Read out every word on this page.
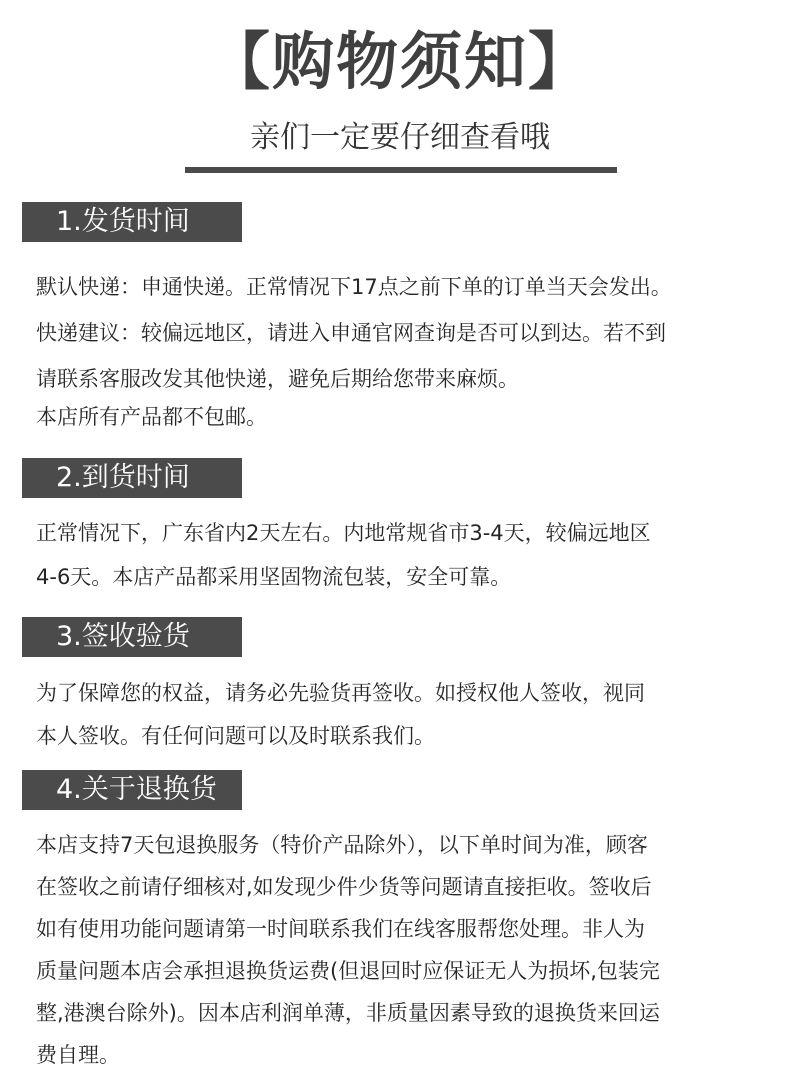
【购物须知】
亲们一定要仔细查看哦
1.发货时间
默认快递：申通快递。正常情况下17点之前下单的订单当天会发出。
快递建议：较偏远地区，请进入申通官网查询是否可以到达。若不到
请联系客服改发其他快递，避免后期给您带来麻烦。
本店所有产品都不包邮。
2.到货时间
正常情况下，广东省内2天左右。内地常规省市3-4天，较偏远地区
4-6天。本店产品都采用坚固物流包装，安全可靠。
3.签收验货
为了保障您的权益，请务必先验货再签收。如授权他人签收，视同
本人签收。有任何问题可以及时联系我们。
4.关于退换货
本店支持7天包退换服务（特价产品除外），以下单时间为准，顾客
在签收之前请仔细核对,如发现少件少货等问题请直接拒收。签收后
如有使用功能问题请第一时间联系我们在线客服帮您处理。非人为
质量问题本店会承担退换货运费(但退回时应保证无人为损坏,包装完
整,港澳台除外)。因本店利润单薄，非质量因素导致的退换货来回运
费自理。
